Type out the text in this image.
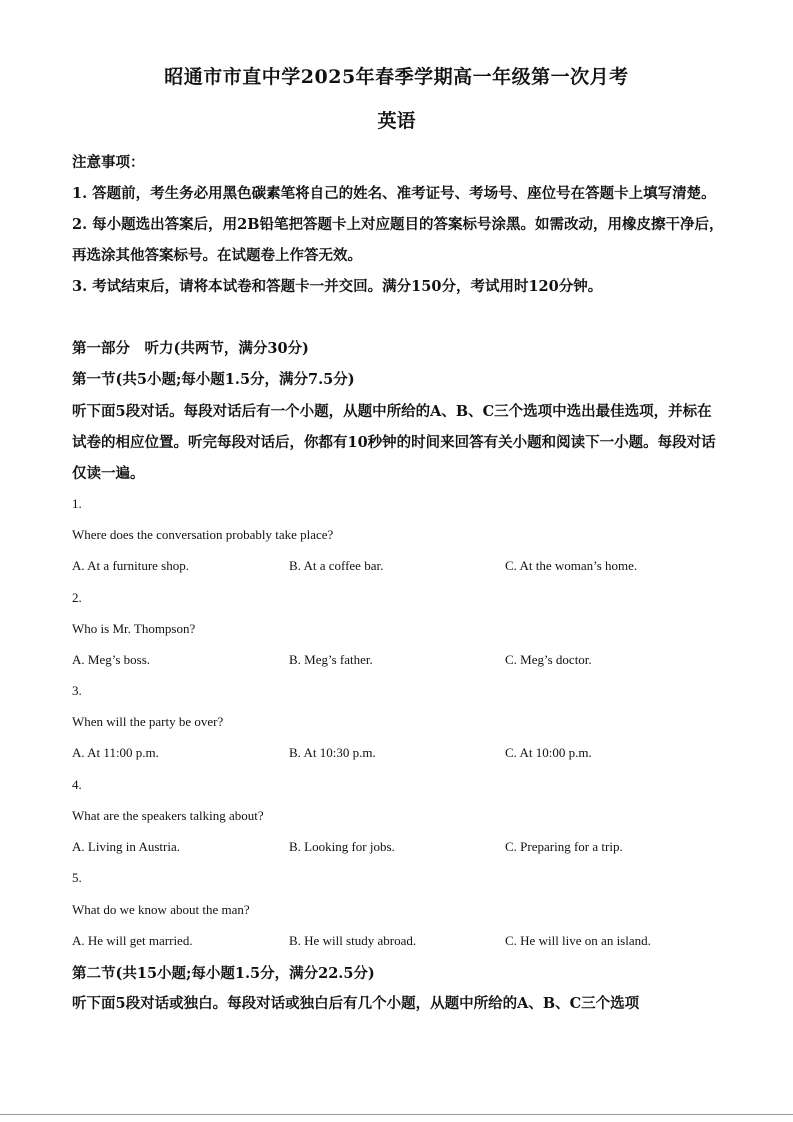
昭通市市直中学2025年春季学期高一年级第一次月考
英语
注意事项：

1. 答题前，考生务必用黑色碳素笔将自己的姓名、准考证号、考场号、座位号在答题卡上填写清楚。

2. 每小题选出答案后，用2B铅笔把答题卡上对应题目的答案标号涂黑。如需改动，用橡皮擦干净后，再选涂其他答案标号。在试题卷上作答无效。

3. 考试结束后，请将本试卷和答题卡一并交回。满分150分，考试用时120分钟。

第一部分　听力(共两节，满分30分)
第一节(共5小题;每小题1.5分，满分7.5分)
听下面5段对话。每段对话后有一个小题，从题中所给的A、B、C三个选项中选出最佳选项，并标在试卷的相应位置。听完每段对话后，你都有10秒钟的时间来回答有关小题和阅读下一小题。每段对话仅读一遍。
1.
Where does the conversation probably take place?
A. At a furniture shop.	B. At a coffee bar.	C. At the woman’s home.
2.
Who is Mr. Thompson?
A. Meg’s boss.	B. Meg’s father.	C. Meg’s doctor.
3.
When will the party be over?
A. At 11:00 p.m.	B. At 10:30 p.m.	C. At 10:00 p.m.
4.
What are the speakers talking about?
A. Living in Austria.	B. Looking for jobs.	C. Preparing for a trip.
5.
What do we know about the man?
A. He will get married.	B. He will study abroad.	C. He will live on an island.
第二节(共15小题;每小题1.5分，满分22.5分)
听下面5段对话或独白。每段对话或独白后有几个小题，从题中所给的A、B、C三个选项
